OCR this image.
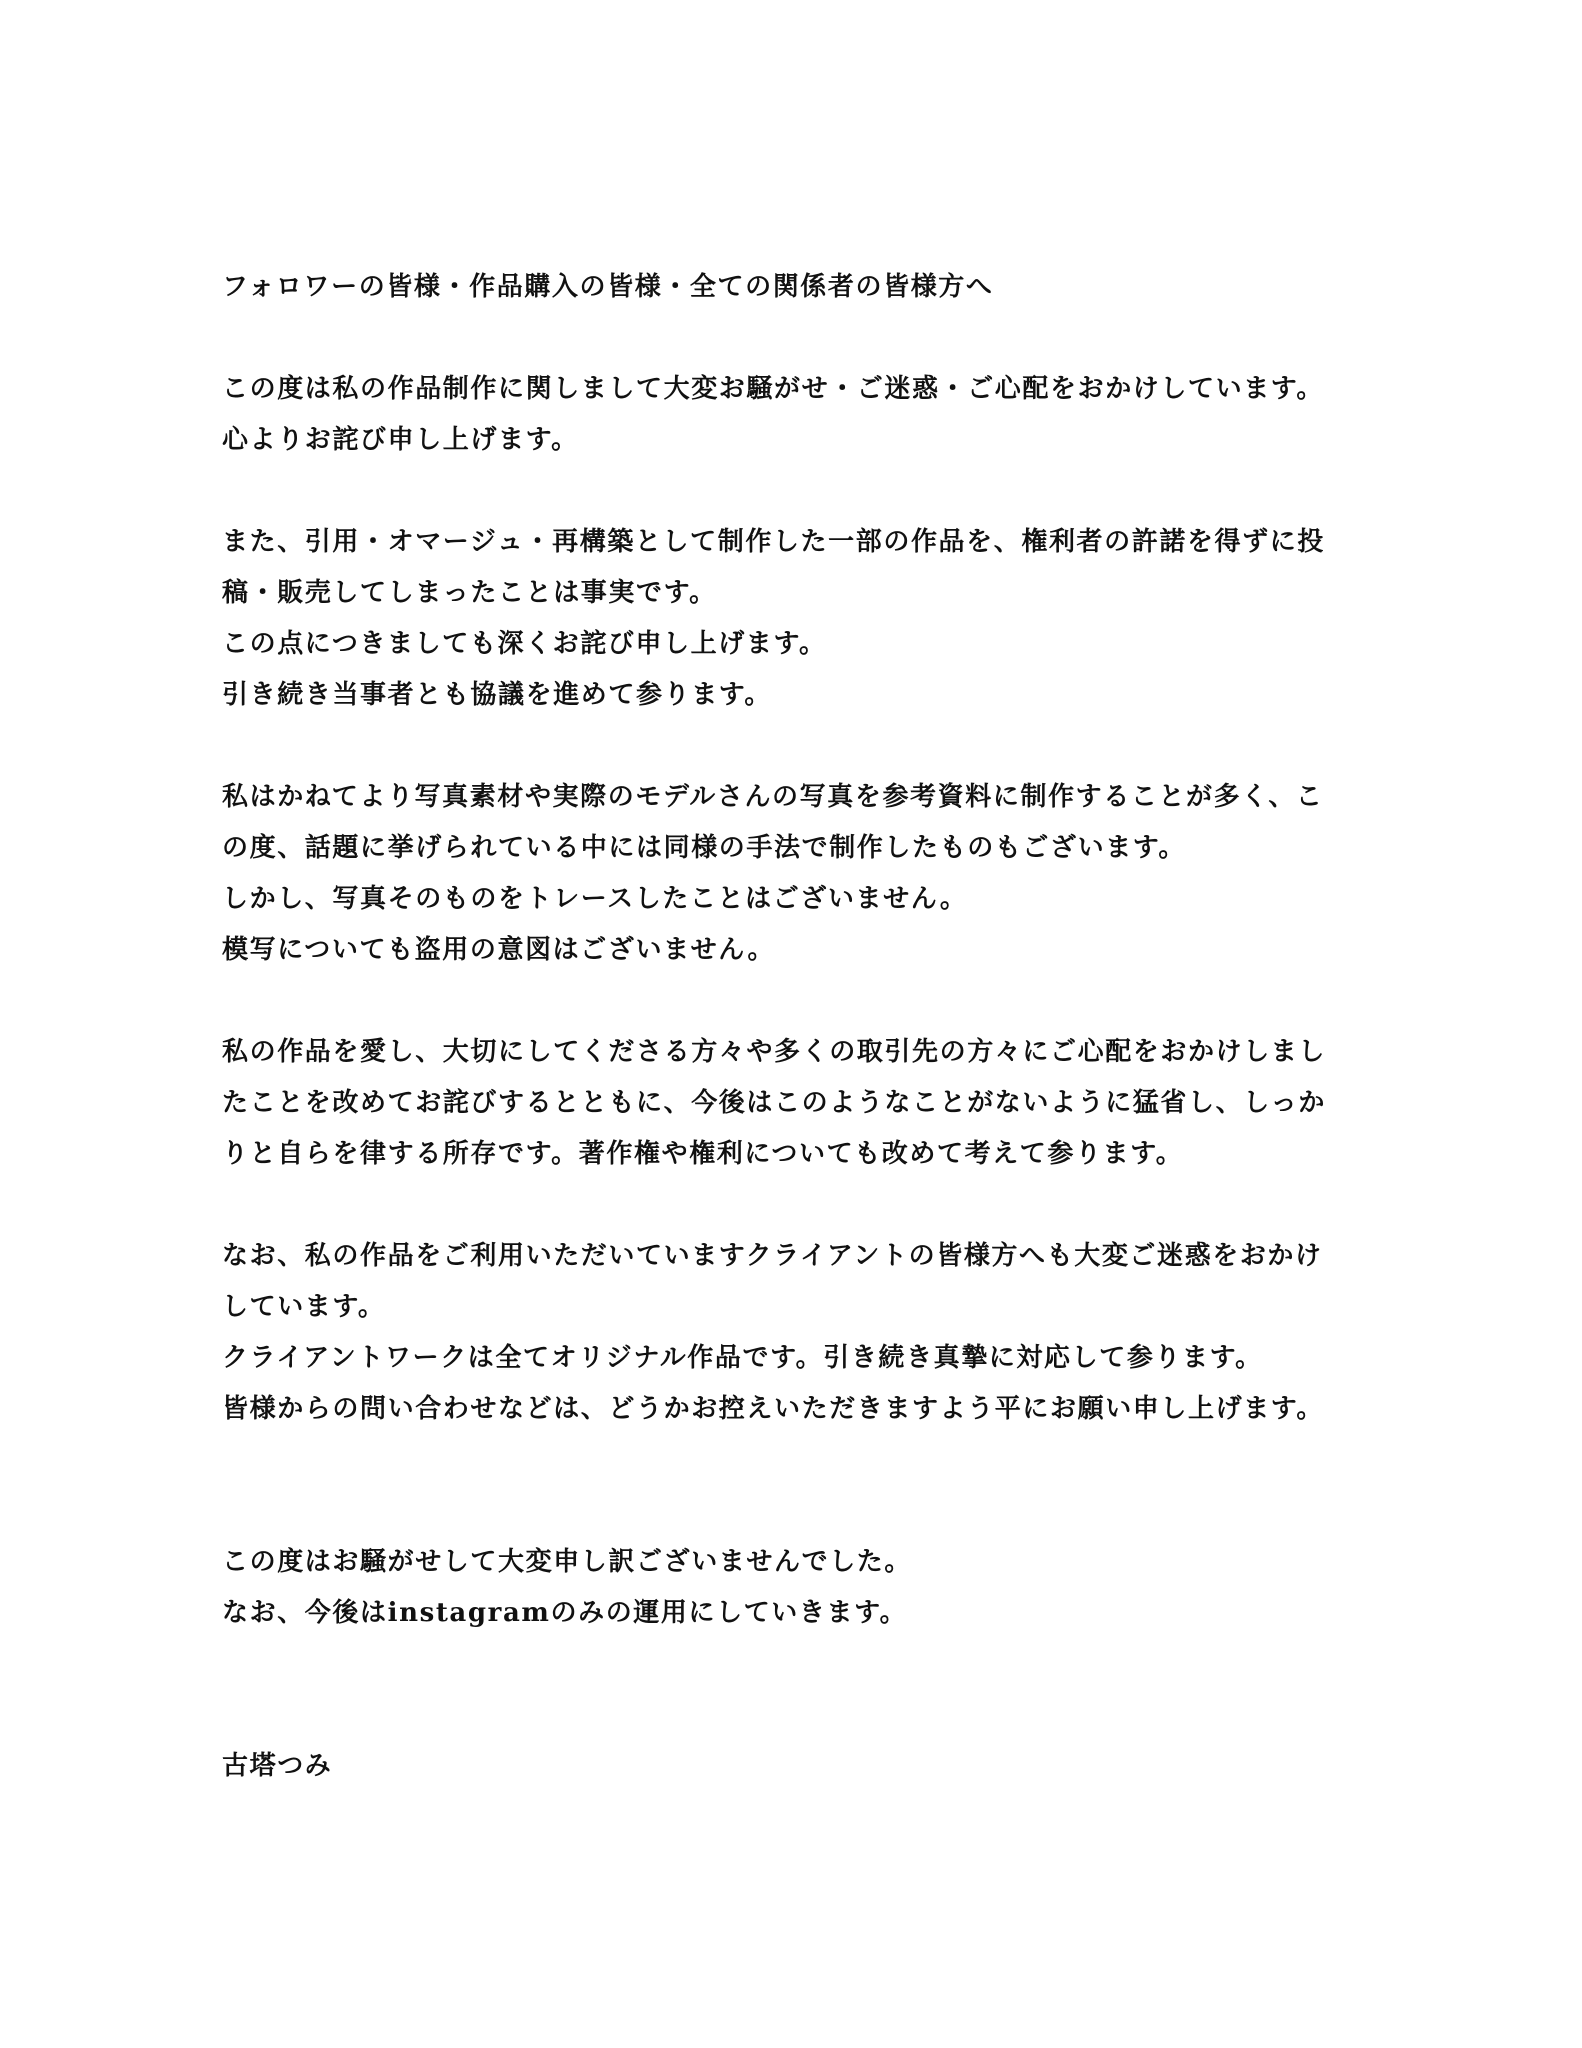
フォロワーの皆様・作品購入の皆様・全ての関係者の皆様方へ
この度は私の作品制作に関しまして大変お騒がせ・ご迷惑・ご心配をおかけしています。
心よりお詫び申し上げます。
また、引用・オマージュ・再構築として制作した一部の作品を、権利者の許諾を得ずに投
稿・販売してしまったことは事実です。
この点につきましても深くお詫び申し上げます。
引き続き当事者とも協議を進めて参ります。
私はかねてより写真素材や実際のモデルさんの写真を参考資料に制作することが多く、こ
の度、話題に挙げられている中には同様の手法で制作したものもございます。
しかし、写真そのものをトレースしたことはございません。
模写についても盗用の意図はございません。
私の作品を愛し、大切にしてくださる方々や多くの取引先の方々にご心配をおかけしまし
たことを改めてお詫びするとともに、今後はこのようなことがないように猛省し、しっか
りと自らを律する所存です。著作権や権利についても改めて考えて参ります。
なお、私の作品をご利用いただいていますクライアントの皆様方へも大変ご迷惑をおかけ
しています。
クライアントワークは全てオリジナル作品です。引き続き真摯に対応して参ります。
皆様からの問い合わせなどは、どうかお控えいただきますよう平にお願い申し上げます。
この度はお騒がせして大変申し訳ございませんでした。
なお、今後はinstagramのみの運用にしていきます。
古塔つみ
